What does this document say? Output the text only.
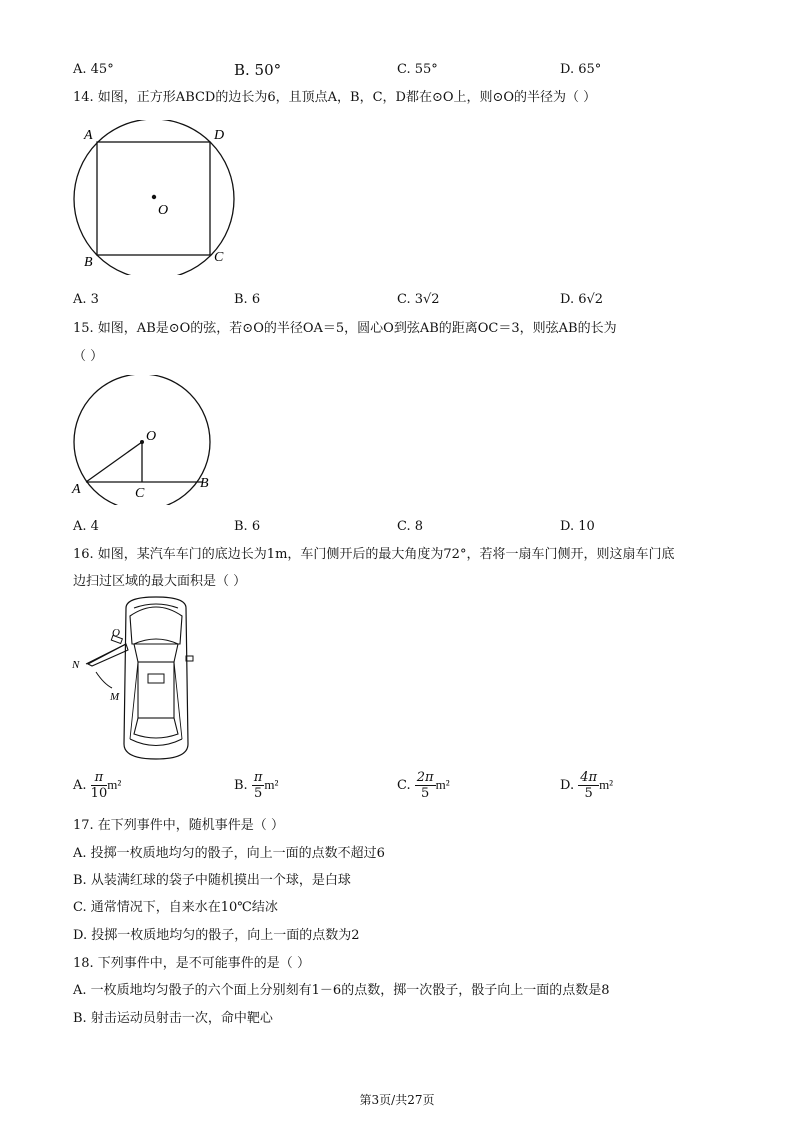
A. 45°	B. 50°	C. 55°	D. 65°
14. 如图，正方形ABCD的边长为6，且顶点A，B，C，D都在⊙O上，则⊙O的半径为（ ）
A	D
O
B	C
A. 3	B. 6	C. 3√2	D. 6√2
15. 如图，AB是⊙O的弦，若⊙O的半径OA＝5，圆心O到弦AB的距离OC＝3，则弦AB的长为
（ ）
O
A	B
C
A. 4	B. 6	C. 8	D. 10
16. 如图，某汽车车门的底边长为1m，车门侧开后的最大角度为72°，若将一扇车门侧开，则这扇车门底
边扫过区域的最大面积是（ ）
O
N
M
A. $\frac{\pi}{10} m^2$	B. $\frac{\pi}{5} m^2$	C. $\frac{2\pi}{5} m^2$	D. $\frac{4\pi}{5} m^2$
17. 在下列事件中，随机事件是（ ）
A. 投掷一枚质地均匀的骰子，向上一面的点数不超过6
B. 从装满红球的袋子中随机摸出一个球，是白球
C. 通常情况下，自来水在10℃结冰
D. 投掷一枚质地均匀的骰子，向上一面的点数为2
18. 下列事件中，是不可能事件的是（ ）
A. 一枚质地均匀骰子的六个面上分别刻有1－6的点数，掷一次骰子，骰子向上一面的点数是8
B. 射击运动员射击一次，命中靶心
第3页/共27页
